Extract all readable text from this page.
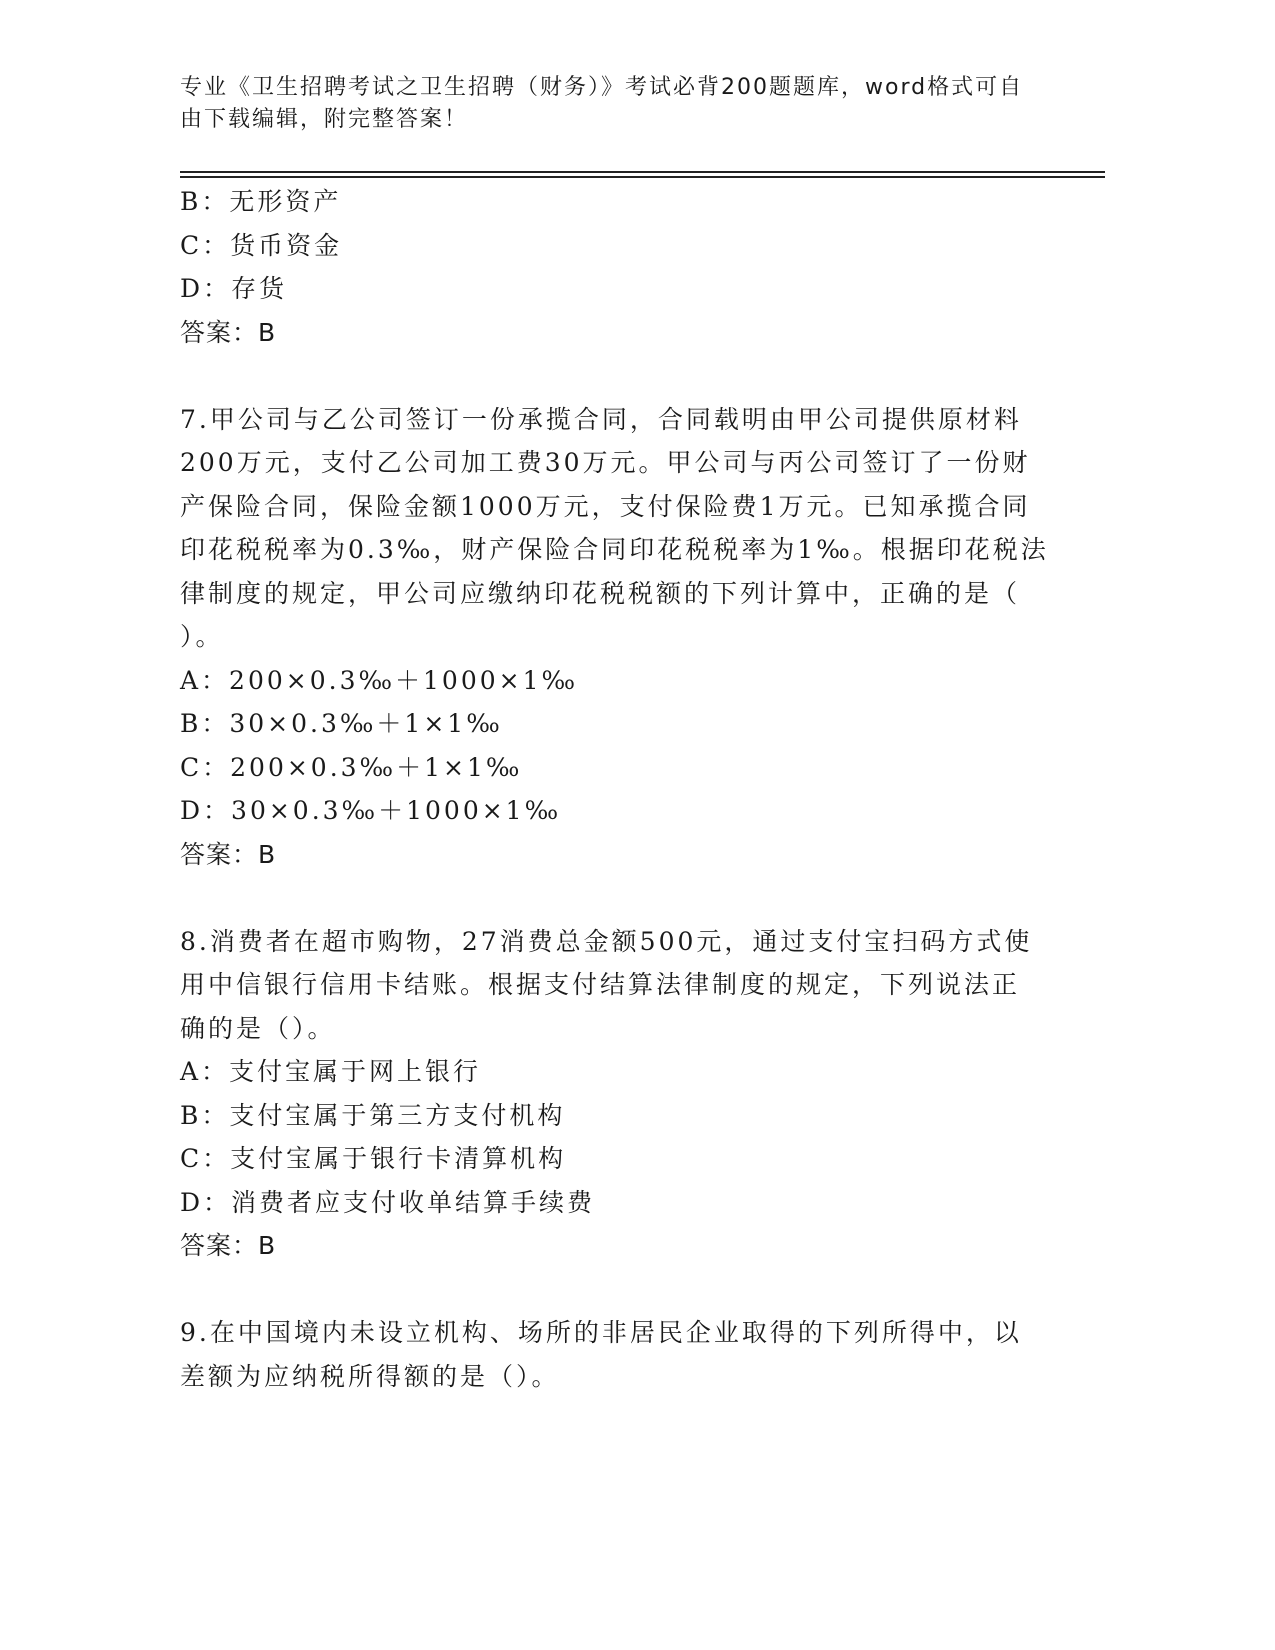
专业《卫生招聘考试之卫生招聘（财务）》考试必背200题题库，word格式可自
由下载编辑，附完整答案！
B：无形资产
C：货币资金
D：存货
答案：B
7.甲公司与乙公司签订一份承揽合同，合同载明由甲公司提供原材料
200万元，支付乙公司加工费30万元。甲公司与丙公司签订了一份财
产保险合同，保险金额1000万元，支付保险费1万元。已知承揽合同
印花税税率为0.3‰，财产保险合同印花税税率为1‰。根据印花税法
律制度的规定，甲公司应缴纳印花税税额的下列计算中，正确的是（
）。
A：200×0.3‰＋1000×1‰
B：30×0.3‰＋1×1‰
C：200×0.3‰＋1×1‰
D：30×0.3‰＋1000×1‰
答案：B
8.消费者在超市购物，27消费总金额500元，通过支付宝扫码方式使
用中信银行信用卡结账。根据支付结算法律制度的规定，下列说法正
确的是（）。
A：支付宝属于网上银行
B：支付宝属于第三方支付机构
C：支付宝属于银行卡清算机构
D：消费者应支付收单结算手续费
答案：B
9.在中国境内未设立机构、场所的非居民企业取得的下列所得中，以
差额为应纳税所得额的是（）。
